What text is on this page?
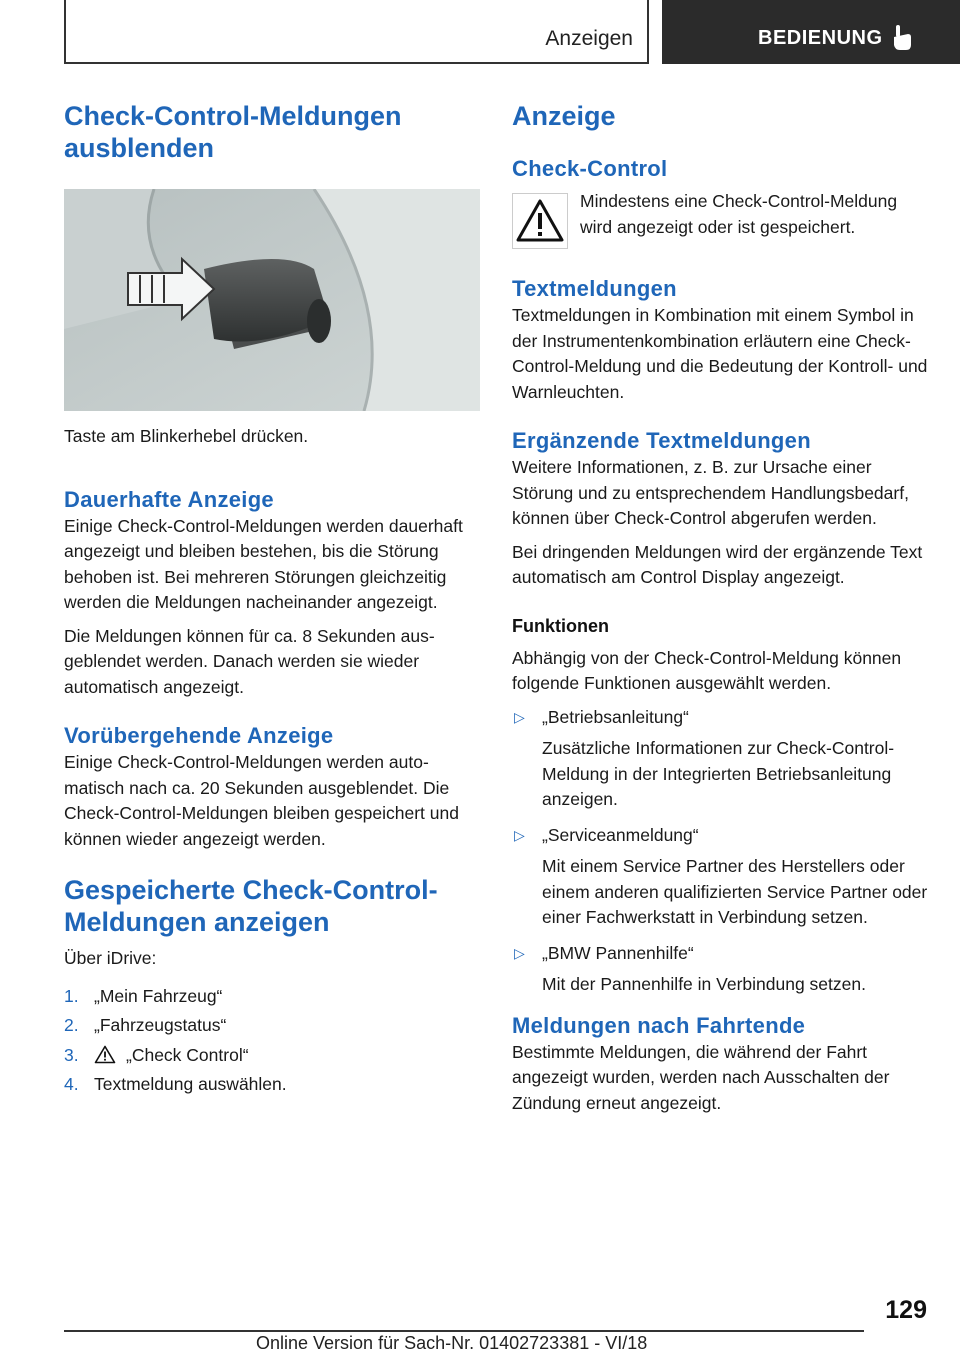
Anzeigen	BEDIENUNG
Check-Control-Meldungen ausblenden

Taste am Blinkerhebel drücken.

Dauerhafte Anzeige

Einige Check-Control-Meldungen werden dauerhaft angezeigt und bleiben bestehen, bis die Störung behoben ist. Bei mehreren Störungen gleichzeitig werden die Meldungen nacheinander angezeigt.

Die Meldungen können für ca. 8 Sekunden ausgeblendet werden. Danach werden sie wieder automatisch angezeigt.

Vorübergehende Anzeige

Einige Check-Control-Meldungen werden automatisch nach ca. 20 Sekunden ausgeblendet. Die Check-Control-Meldungen bleiben gespeichert und können wieder angezeigt werden.

Gespeicherte Check-Control-Meldungen anzeigen

Über iDrive:

1. „Mein Fahrzeug“
2. „Fahrzeugstatus“
3.	„Check Control“
4. Textmeldung auswählen.
Anzeige
Check-Control

Mindestens eine Check-Control-Meldung wird angezeigt oder ist gespeichert.

Textmeldungen

Textmeldungen in Kombination mit einem Symbol in der Instrumentenkombination erläutern eine Check-Control-Meldung und die Bedeutung der Kontroll- und Warnleuchten.

Ergänzende Textmeldungen

Weitere Informationen, z. B. zur Ursache einer Störung und zu entsprechendem Handlungsbedarf, können über Check-Control abgerufen werden.

Bei dringenden Meldungen wird der ergänzende Text automatisch am Control Display angezeigt.

Funktionen

Abhängig von der Check-Control-Meldung können folgende Funktionen ausgewählt werden.

▷ „Betriebsanleitung“

Zusätzliche Informationen zur Check-Control-Meldung in der Integrierten Betriebsanleitung anzeigen.

▷ „Serviceanmeldung“

Mit einem Service Partner des Herstellers oder einem anderen qualifizierten Service Partner oder einer Fachwerkstatt in Verbindung setzen.

▷ „BMW Pannenhilfe“

Mit der Pannenhilfe in Verbindung setzen.

Meldungen nach Fahrtende

Bestimmte Meldungen, die während der Fahrt angezeigt wurden, werden nach Ausschalten der Zündung erneut angezeigt.

129
Online Version für Sach-Nr. 01402723381 - VI/18
